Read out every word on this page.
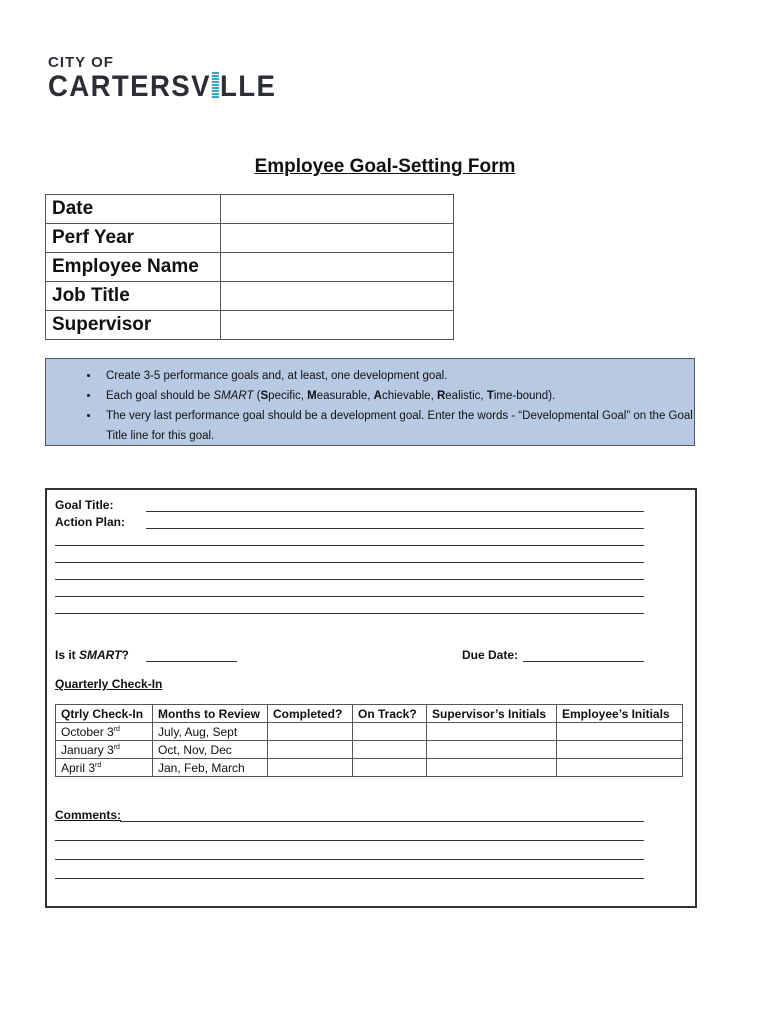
CITY OF
CARTERSV LLE
Employee Goal-Setting Form
Date	
Perf Year	
Employee Name	
Job Title	
Supervisor	
• Create 3-5 performance goals and, at least, one development goal.
• Each goal should be SMART (Specific, Measurable, Achievable, Realistic, Time-bound).
• The very last performance goal should be a development goal. Enter the words - “Developmental Goal” on the Goal Title line for this goal.
Goal Title:
Action Plan:
Is it SMART?	Due Date:
Quarterly Check-In
Qtrly Check-In	Months to Review	Completed?	On Track?	Supervisor’s Initials	Employee’s Initials
October 3rd	July, Aug, Sept				
January 3rd	Oct, Nov, Dec				
April 3rd	Jan, Feb, March				
Comments:
